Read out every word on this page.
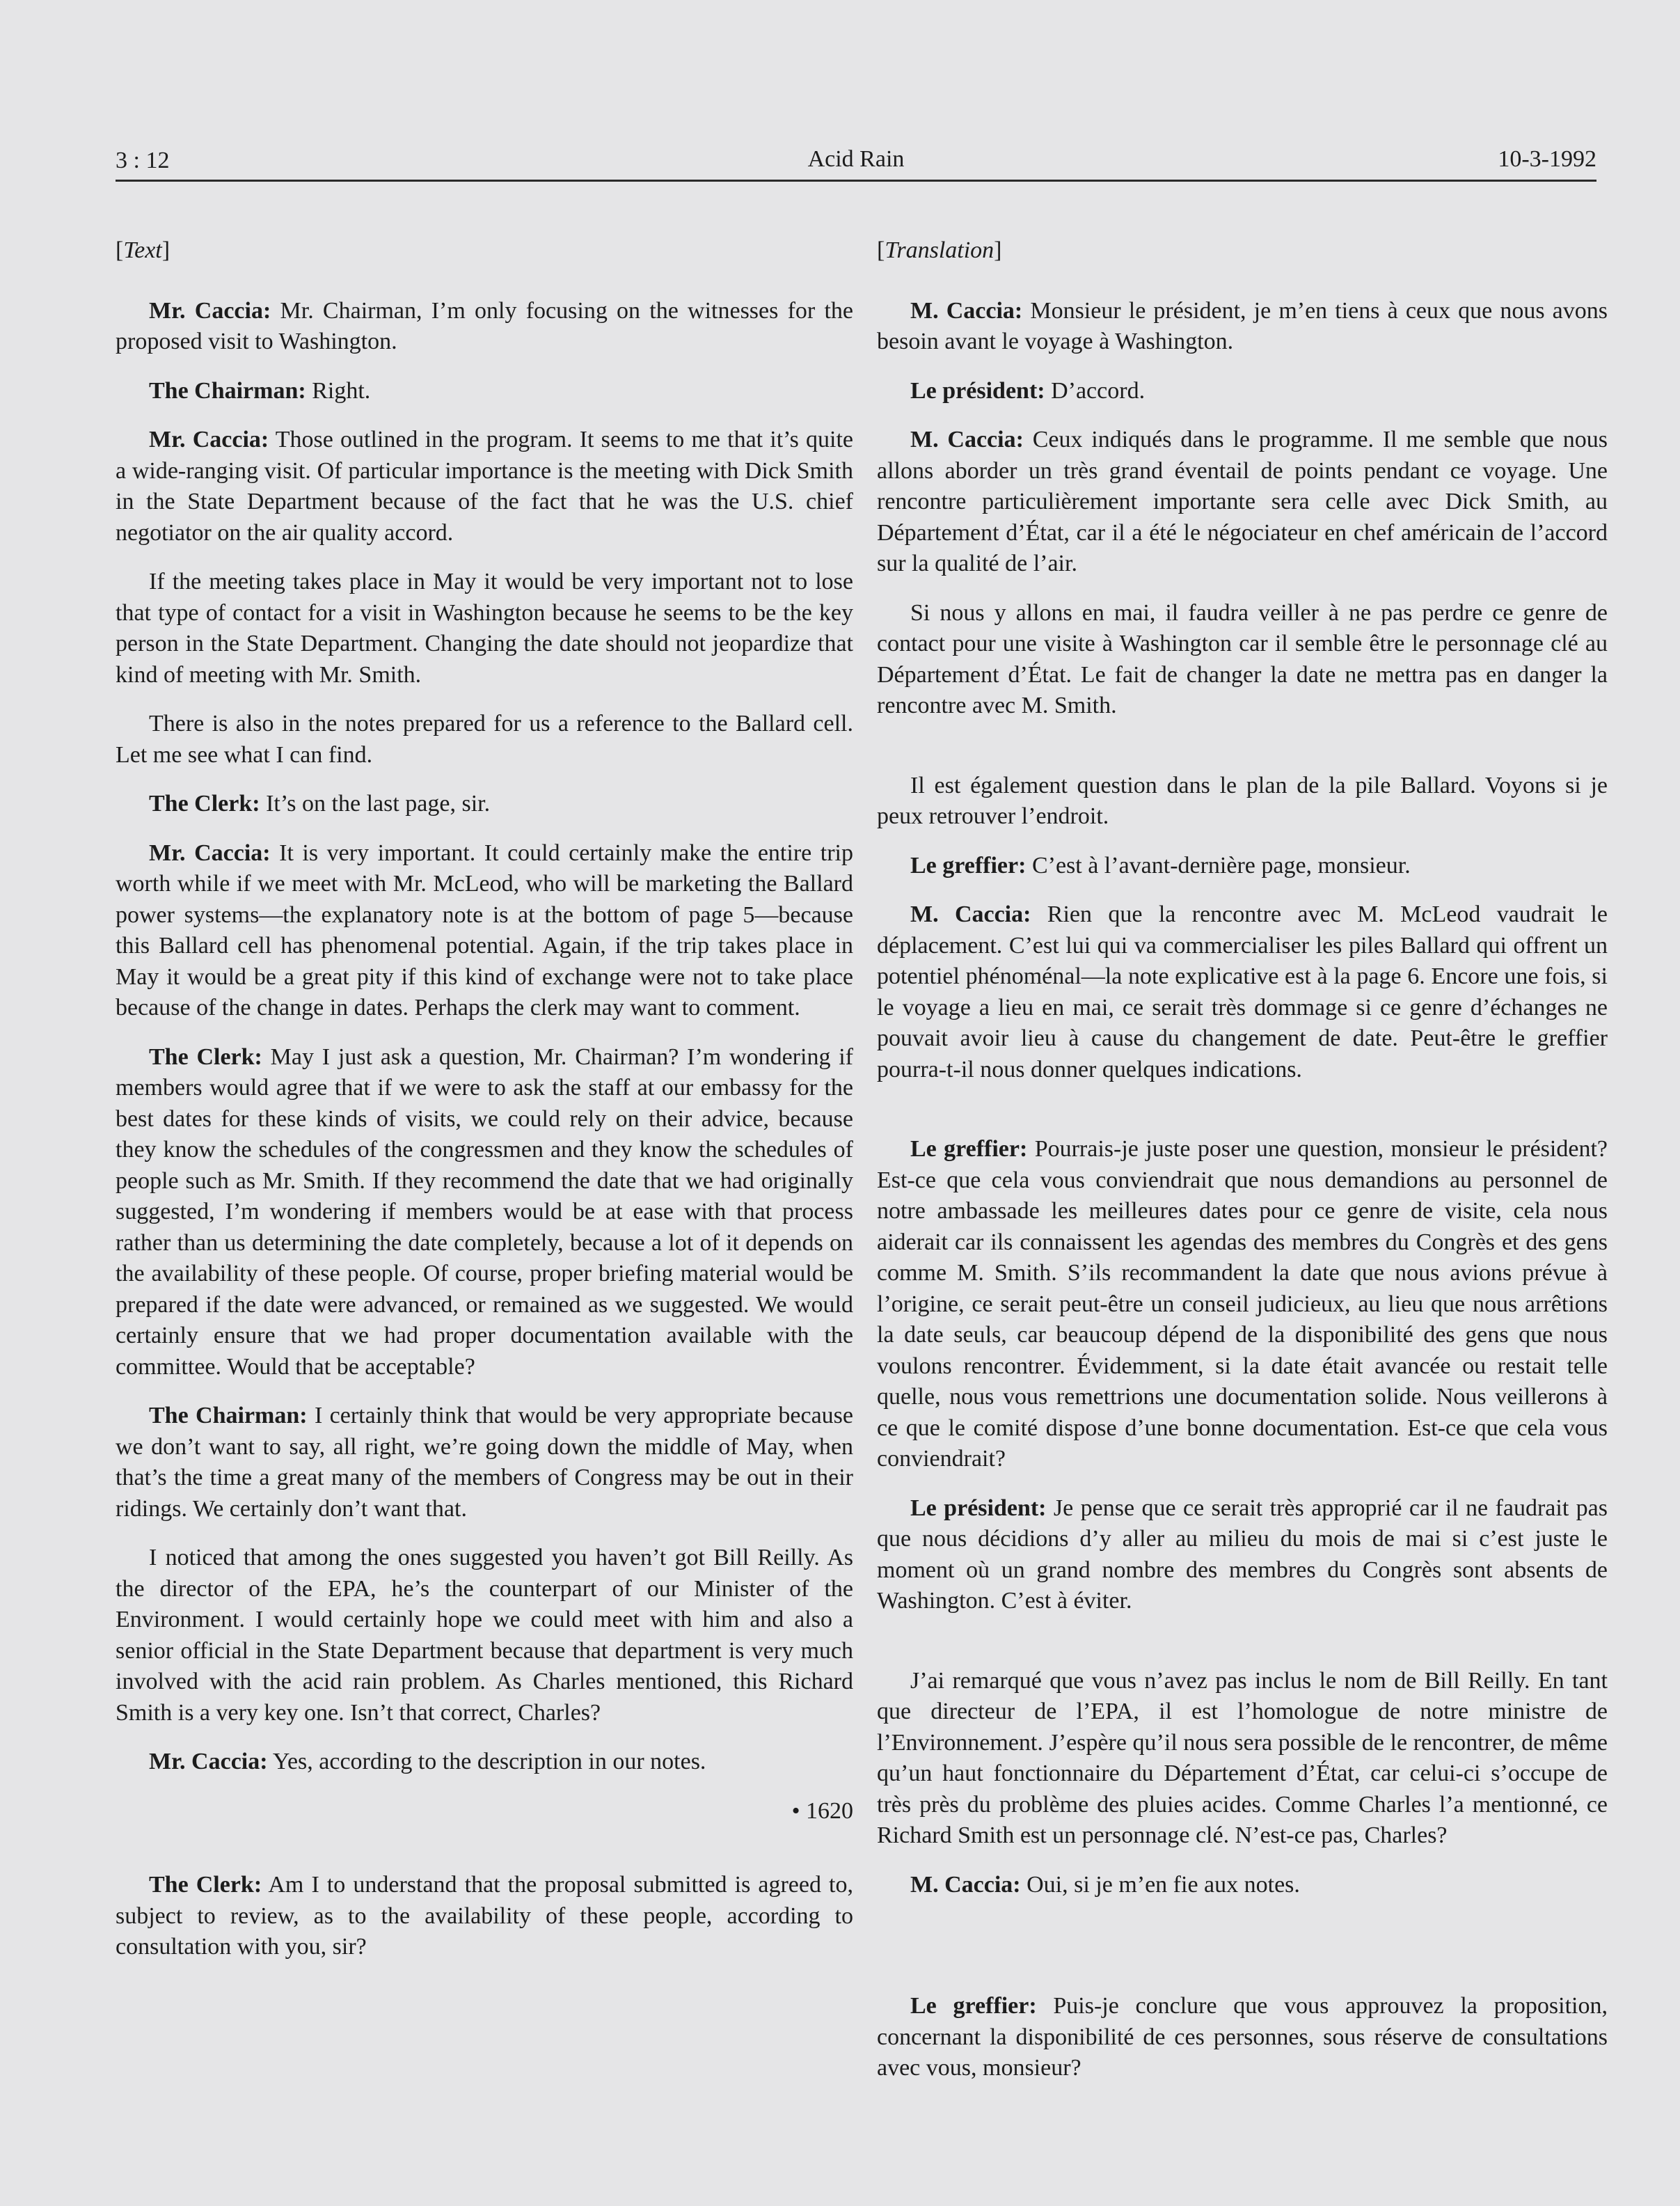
3 : 12	Acid Rain	10-3-1992

[Text]

Mr. Caccia: Mr. Chairman, I’m only focusing on the witnesses for the proposed visit to Washington.

The Chairman: Right.

Mr. Caccia: Those outlined in the program. It seems to me that it’s quite a wide-ranging visit. Of particular importance is the meeting with Dick Smith in the State Department because of the fact that he was the U.S. chief negotiator on the air quality accord.

If the meeting takes place in May it would be very important not to lose that type of contact for a visit in Washington because he seems to be the key person in the State Department. Changing the date should not jeopardize that kind of meeting with Mr. Smith.

There is also in the notes prepared for us a reference to the Ballard cell. Let me see what I can find.

The Clerk: It’s on the last page, sir.

Mr. Caccia: It is very important. It could certainly make the entire trip worth while if we meet with Mr. McLeod, who will be marketing the Ballard power systems—the explanatory note is at the bottom of page 5—because this Ballard cell has phenomenal potential. Again, if the trip takes place in May it would be a great pity if this kind of exchange were not to take place because of the change in dates. Perhaps the clerk may want to comment.

The Clerk: May I just ask a question, Mr. Chairman? I’m wondering if members would agree that if we were to ask the staff at our embassy for the best dates for these kinds of visits, we could rely on their advice, because they know the schedules of the congressmen and they know the schedules of people such as Mr. Smith. If they recommend the date that we had originally suggested, I’m wondering if members would be at ease with that process rather than us determining the date completely, because a lot of it depends on the availability of these people. Of course, proper briefing material would be prepared if the date were advanced, or remained as we suggested. We would certainly ensure that we had proper documentation available with the committee. Would that be acceptable?

The Chairman: I certainly think that would be very appropriate because we don’t want to say, all right, we’re going down the middle of May, when that’s the time a great many of the members of Congress may be out in their ridings. We certainly don’t want that.

I noticed that among the ones suggested you haven’t got Bill Reilly. As the director of the EPA, he’s the counterpart of our Minister of the Environment. I would certainly hope we could meet with him and also a senior official in the State Department because that department is very much involved with the acid rain problem. As Charles mentioned, this Richard Smith is a very key one. Isn’t that correct, Charles?

Mr. Caccia: Yes, according to the description in our notes.

• 1620

The Clerk: Am I to understand that the proposal submitted is agreed to, subject to review, as to the availability of these people, according to consultation with you, sir?

[Translation]

M. Caccia: Monsieur le président, je m’en tiens à ceux que nous avons besoin avant le voyage à Washington.

Le président: D’accord.

M. Caccia: Ceux indiqués dans le programme. Il me semble que nous allons aborder un très grand éventail de points pendant ce voyage. Une rencontre particulièrement importante sera celle avec Dick Smith, au Département d’État, car il a été le négociateur en chef américain de l’accord sur la qualité de l’air.

Si nous y allons en mai, il faudra veiller à ne pas perdre ce genre de contact pour une visite à Washington car il semble être le personnage clé au Département d’État. Le fait de changer la date ne mettra pas en danger la rencontre avec M. Smith.

Il est également question dans le plan de la pile Ballard. Voyons si je peux retrouver l’endroit.

Le greffier: C’est à l’avant-dernière page, monsieur.

M. Caccia: Rien que la rencontre avec M. McLeod vaudrait le déplacement. C’est lui qui va commercialiser les piles Ballard qui offrent un potentiel phénoménal—la note explicative est à la page 6. Encore une fois, si le voyage a lieu en mai, ce serait très dommage si ce genre d’échanges ne pouvait avoir lieu à cause du changement de date. Peut-être le greffier pourra-t-il nous donner quelques indications.

Le greffier: Pourrais-je juste poser une question, monsieur le président? Est-ce que cela vous conviendrait que nous demandions au personnel de notre ambassade les meilleures dates pour ce genre de visite, cela nous aiderait car ils connaissent les agendas des membres du Congrès et des gens comme M. Smith. S’ils recommandent la date que nous avions prévue à l’origine, ce serait peut-être un conseil judicieux, au lieu que nous arrêtions la date seuls, car beaucoup dépend de la disponibilité des gens que nous voulons rencontrer. Évidemment, si la date était avancée ou restait telle quelle, nous vous remettrions une documentation solide. Nous veillerons à ce que le comité dispose d’une bonne documentation. Est-ce que cela vous conviendrait?

Le président: Je pense que ce serait très approprié car il ne faudrait pas que nous décidions d’y aller au milieu du mois de mai si c’est juste le moment où un grand nombre des membres du Congrès sont absents de Washington. C’est à éviter.

J’ai remarqué que vous n’avez pas inclus le nom de Bill Reilly. En tant que directeur de l’EPA, il est l’homologue de notre ministre de l’Environnement. J’espère qu’il nous sera possible de le rencontrer, de même qu’un haut fonctionnaire du Département d’État, car celui-ci s’occupe de très près du problème des pluies acides. Comme Charles l’a mentionné, ce Richard Smith est un personnage clé. N’est-ce pas, Charles?

M. Caccia: Oui, si je m’en fie aux notes.

Le greffier: Puis-je conclure que vous approuvez la proposition, concernant la disponibilité de ces personnes, sous réserve de consultations avec vous, monsieur?
